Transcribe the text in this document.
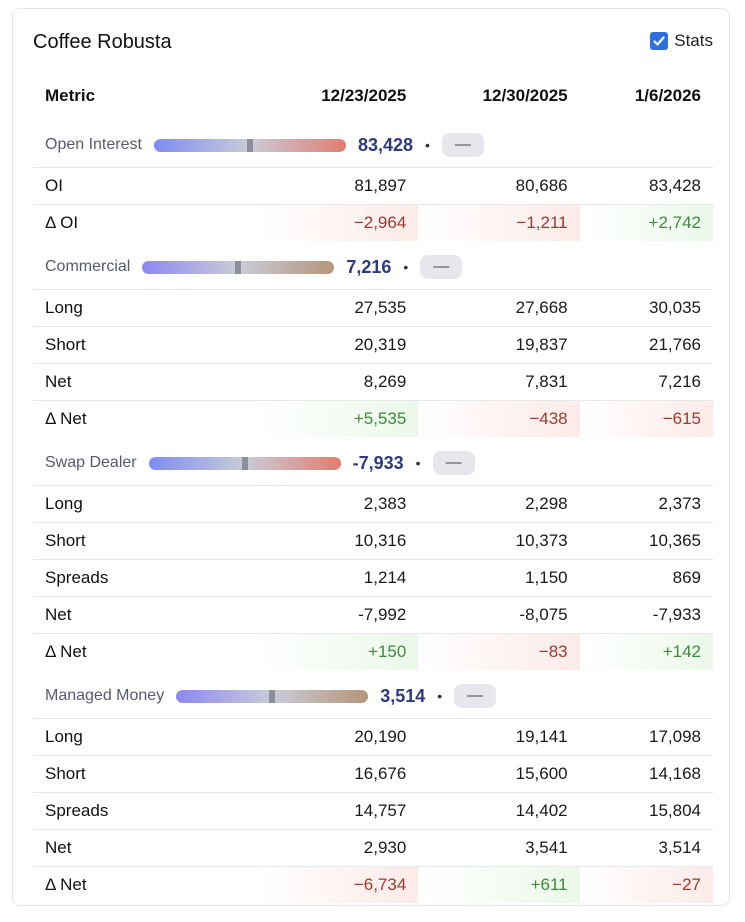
Coffee Robusta	Stats
Metric	12/23/2025	12/30/2025	1/6/2026

Open Interest 83,428 • —			

OI	81,897	80,686	83,428
Δ OI	−2,964	−1,211	+2,742

Commercial 7,216 • —			

Long	27,535	27,668	30,035
Short	20,319	19,837	21,766
Net	8,269	7,831	7,216
Δ Net	+5,535	−438	−615

Swap Dealer -7,933 • —			

Long	2,383	2,298	2,373
Short	10,316	10,373	10,365
Spreads	1,214	1,150	869
Net	-7,992	-8,075	-7,933
Δ Net	+150	−83	+142

Managed Money 3,514 • —			

Long	20,190	19,141	17,098
Short	16,676	15,600	14,168
Spreads	14,757	14,402	15,804
Net	2,930	3,541	3,514
Δ Net	−6,734	+611	−27
